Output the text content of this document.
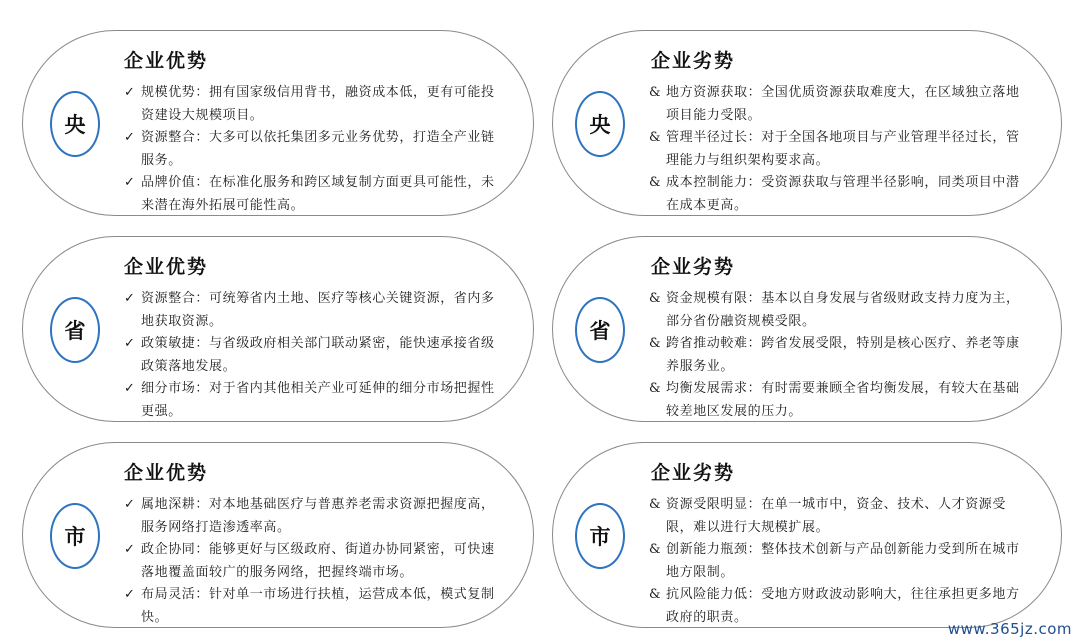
央
企业优势
✓ 规模优势：拥有国家级信用背书，融资成本低，更有可能投资建设大规模项目。
✓ 资源整合：大多可以依托集团多元业务优势，打造全产业链服务。
✓ 品牌价值：在标准化服务和跨区域复制方面更具可能性，未来潜在海外拓展可能性高。
央
企业劣势
& 地方资源获取：全国优质资源获取难度大，在区域独立落地项目能力受限。
& 管理半径过长：对于全国各地项目与产业管理半径过长，管理能力与组织架构要求高。
& 成本控制能力：受资源获取与管理半径影响，同类项目中潜在成本更高。
省
企业优势
✓ 资源整合：可统筹省内土地、医疗等核心关键资源，省内多地获取资源。
✓ 政策敏捷：与省级政府相关部门联动紧密，能快速承接省级政策落地发展。
✓ 细分市场：对于省内其他相关产业可延伸的细分市场把握性更强。
省
企业劣势
& 资金规模有限：基本以自身发展与省级财政支持力度为主，部分省份融资规模受限。
& 跨省推动較难：跨省发展受限，特别是核心医疗、养老等康养服务业。
& 均衡发展需求：有时需要兼顾全省均衡发展，有较大在基础较差地区发展的压力。
市
企业优势
✓ 属地深耕：对本地基础医疗与普惠养老需求资源把握度高，服务网络打造渗透率高。
✓ 政企协同：能够更好与区级政府、街道办协同紧密，可快速落地覆盖面较广的服务网络，把握终端市场。
✓ 布局灵活：针对单一市场进行扶植，运营成本低，模式复制快。
市
企业劣势
& 资源受限明显：在单一城市中，资金、技术、人才资源受限，难以进行大规模扩展。
& 创新能力瓶颈：整体技术创新与产品创新能力受到所在城市地方限制。
& 抗风险能力低：受地方财政波动影响大，往往承担更多地方政府的职责。
www.365jz.com
